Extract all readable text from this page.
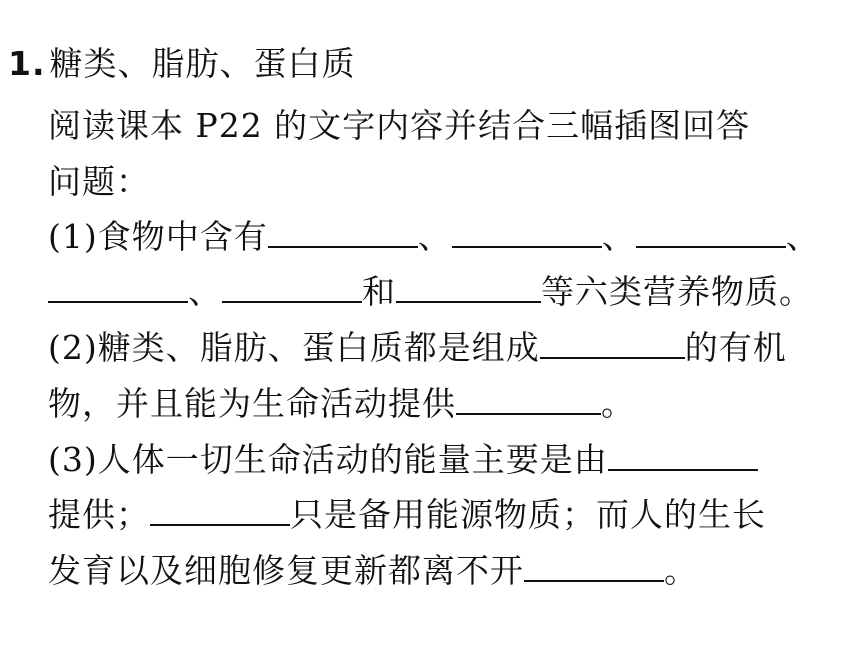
1. 糖类、脂肪、蛋白质
阅读课本 P22 的文字内容并结合三幅插图回答
问题：
(1)食物中含有	、	、	、
、	和	等六类营养物质。
(2)糖类、脂肪、蛋白质都是组成	的有机
物，并且能为生命活动提供	。
(3)人体一切生命活动的能量主要是由
提供；	只是备用能源物质；而人的生长
发育以及细胞修复更新都离不开	。
